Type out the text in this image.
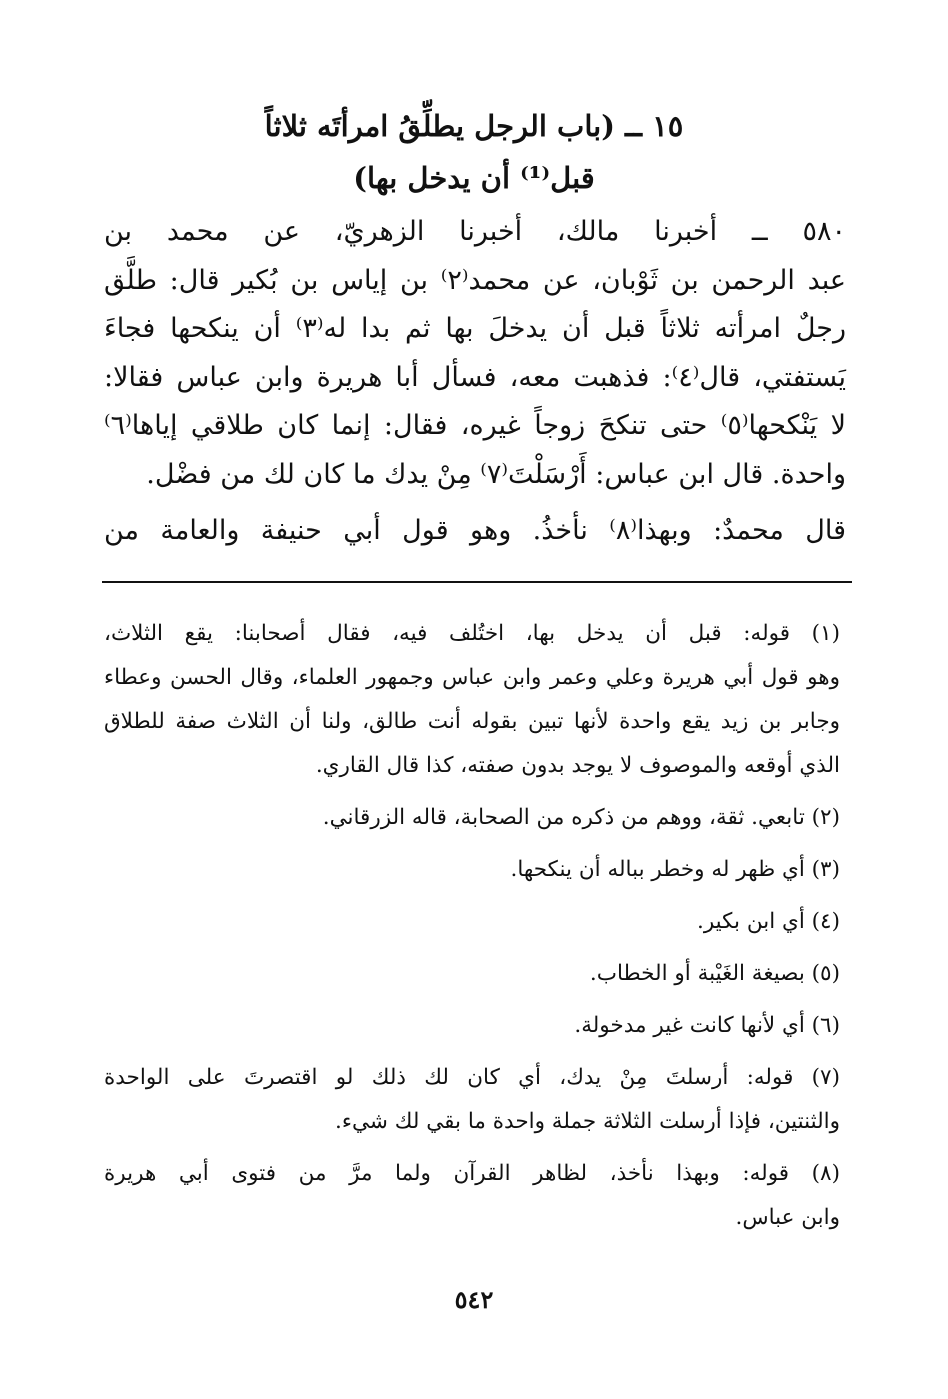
١٥ ــ (باب الرجل يطلِّقُ امرأتَه ثلاثاً
قبل⁽¹⁾ أن يدخل بها)
٥٨٠ ــ أخبرنا مالك، أخبرنا الزهريّ، عن محمد بن
عبد الرحمن بن ثَوْبان، عن محمد⁽٢⁾ بن إياس بن بُكير قال: طلَّق
رجلٌ امرأته ثلاثاً قبل أن يدخلَ بها ثم بدا له⁽٣⁾ أن ينكحها فجاءَ
يَستفتي، قال⁽٤⁾: فذهبت معه، فسأل أبا هريرة وابن عباس فقالا:
لا يَنْكحها⁽٥⁾ حتى تنكحَ زوجاً غيره، فقال: إنما كان طلاقي إياها⁽٦⁾
واحدة. قال ابن عباس: أَرْسَلْتَ⁽٧⁾ مِنْ يدك ما كان لك من فضْل.
قال محمدٌ: وبهذا⁽٨⁾ نأخذُ. وهو قول أبي حنيفة والعامة من
(١) قوله: قبل أن يدخل بها، اختُلف فيه، فقال أصحابنا: يقع الثلاث،
وهو قول أبي هريرة وعلي وعمر وابن عباس وجمهور العلماء، وقال الحسن وعطاء
وجابر بن زيد يقع واحدة لأنها تبين بقوله أنت طالق، ولنا أن الثلاث صفة للطلاق
الذي أوقعه والموصوف لا يوجد بدون صفته، كذا قال القاري.
(٢) تابعي. ثقة، ووهم من ذكره من الصحابة، قاله الزرقاني.
(٣) أي ظهر له وخطر بباله أن ينكحها.
(٤) أي ابن بكير.
(٥) بصيغة الغَيْبة أو الخطاب.
(٦) أي لأنها كانت غير مدخولة.
(٧) قوله: أرسلتَ مِنْ يدك، أي كان لك ذلك لو اقتصرتَ على الواحدة
والثنتين، فإذا أرسلت الثلاثة جملة واحدة ما بقي لك شيء.
(٨) قوله: وبهذا نأخذ، لظاهر القرآن ولما مرَّ من فتوى أبي هريرة
وابن عباس.
٥٤٢
